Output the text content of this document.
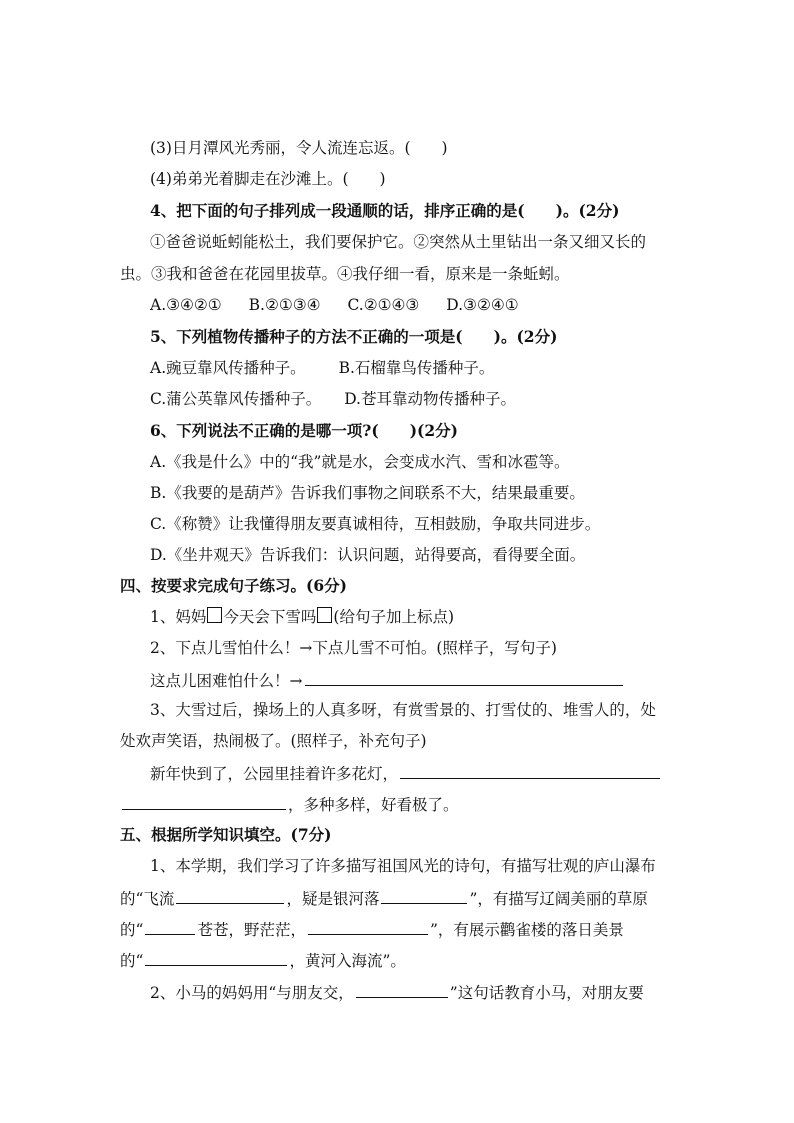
(3)日月潭风光秀丽，令人流连忘返。(　　)
(4)弟弟光着脚走在沙滩上。(　　)
4、把下面的句子排列成一段通顺的话，排序正确的是(　　)。(2分)
①爸爸说蚯蚓能松土，我们要保护它。②突然从土里钻出一条又细又长的
虫。③我和爸爸在花园里拔草。④我仔细一看，原来是一条蚯蚓。
A.③④②① B.②①③④ C.②①④③ D.③②④①
5、下列植物传播种子的方法不正确的一项是(　　)。(2分)
A.豌豆靠风传播种子。 B.石榴靠鸟传播种子。
C.蒲公英靠风传播种子。 D.苍耳靠动物传播种子。
6、下列说法不正确的是哪一项?(　　)(2分)
A.《我是什么》中的“我”就是水，会变成水汽、雪和冰雹等。
B.《我要的是葫芦》告诉我们事物之间联系不大，结果最重要。
C.《称赞》让我懂得朋友要真诚相待，互相鼓励，争取共同进步。
D.《坐井观天》告诉我们：认识问题，站得要高，看得要全面。
四、按要求完成句子练习。(6分)
1、妈妈 今天会下雪吗 (给句子加上标点)
2、下点儿雪怕什么！→下点儿雪不可怕。(照样子，写句子)
这点儿困难怕什么！→
3、大雪过后，操场上的人真多呀，有赏雪景的、打雪仗的、堆雪人的，处
处欢声笑语，热闹极了。(照样子，补充句子)
新年快到了，公园里挂着许多花灯，
，多种多样，好看极了。
五、根据所学知识填空。(7分)
1、本学期，我们学习了许多描写祖国风光的诗句，有描写壮观的庐山瀑布
的“飞流	，疑是银河落	”，有描写辽阔美丽的草原
的“	苍苍，野茫茫，	”，有展示鹳雀楼的落日美景
的“	，黄河入海流”。
2、小马的妈妈用“与朋友交，	”这句话教育小马，对朋友要
